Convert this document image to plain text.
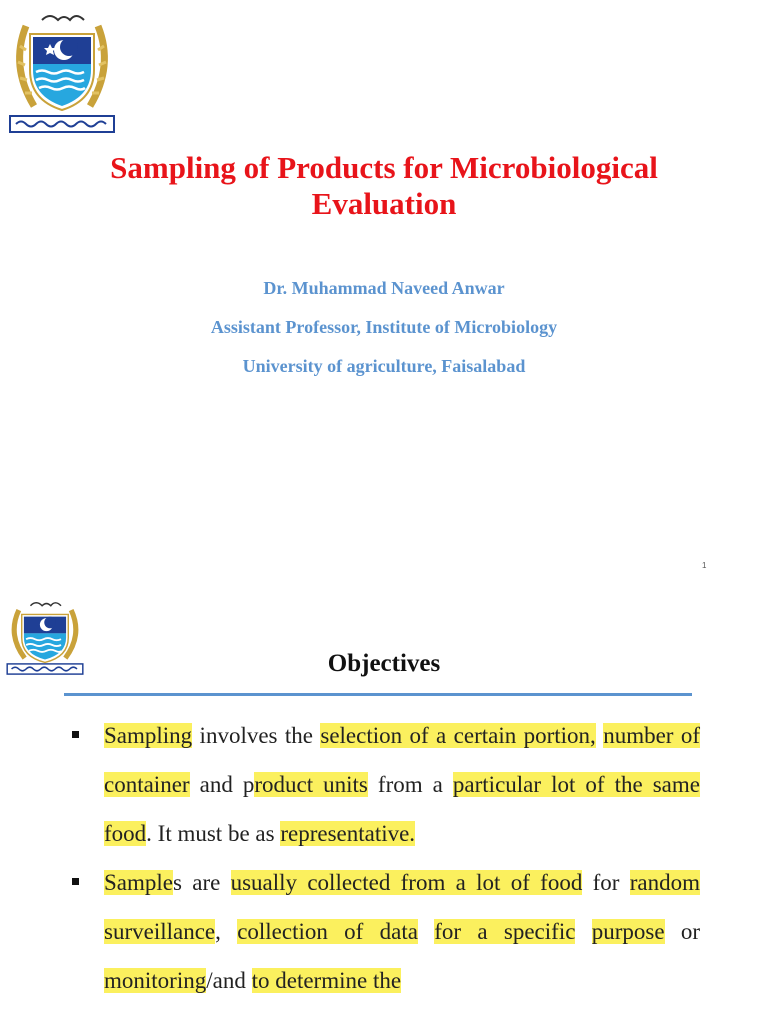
Sampling of Products for Microbiological
Evaluation
Dr. Muhammad Naveed Anwar
Assistant Professor, Institute of Microbiology
University of agriculture, Faisalabad
1
Objectives
Sampling involves the selection of a certain portion, number of container and product units from a particular lot of the same food. It must be as representative.
Samples are usually collected from a lot of food for random surveillance, collection of data for a specific purpose or monitoring/and to determine the
